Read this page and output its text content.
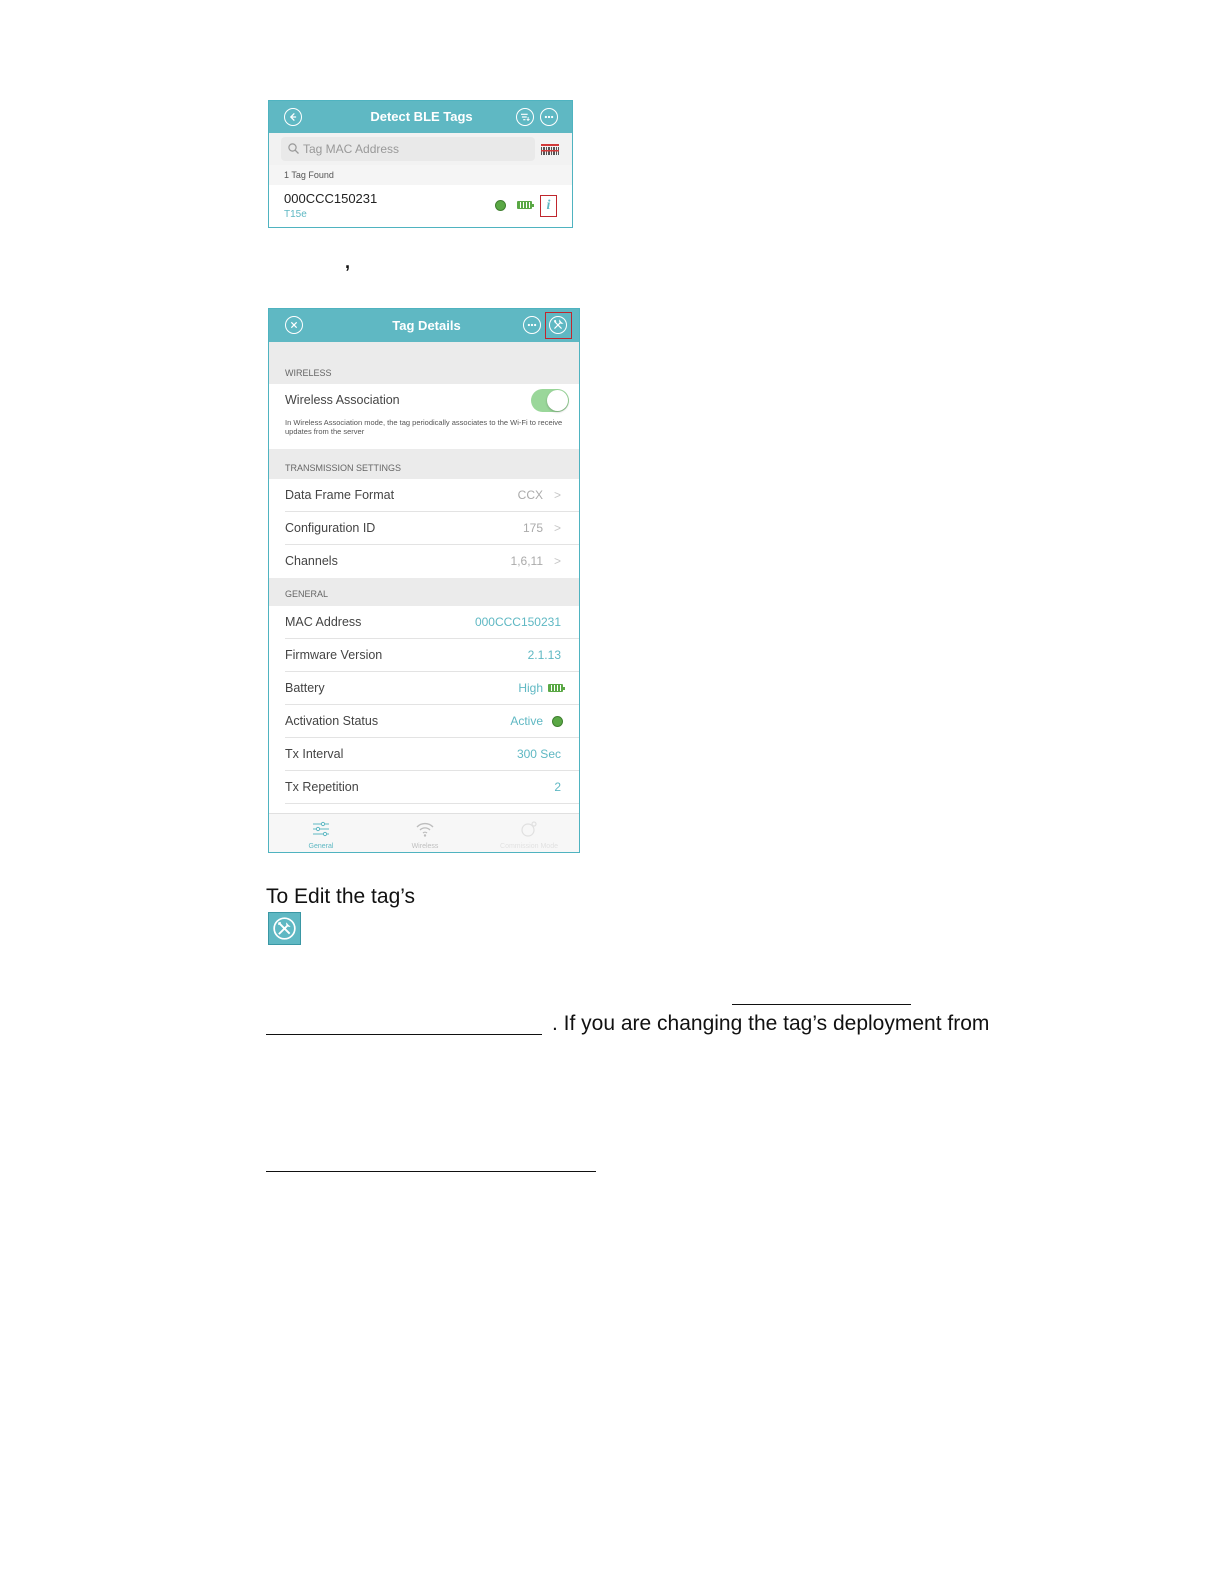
Detect BLE Tags
Tag MAC Address
1 Tag Found
000CCC150231
T15e
i
,
Tag Details
WIRELESS
Wireless Association
In Wireless Association mode, the tag periodically associates to the Wi-Fi to receive updates from the server
TRANSMISSION SETTINGS
Data Frame Format	CCX >
Configuration ID	175 >
Channels	1,6,11 >
GENERAL
MAC Address	000CCC150231
Firmware Version	2.1.13
Battery	High
Activation Status	Active
Tx Interval	300 Sec
Tx Repetition	2
General	Wireless	Commission Mode
To Edit the tag’s
. If you are changing the tag’s deployment from
